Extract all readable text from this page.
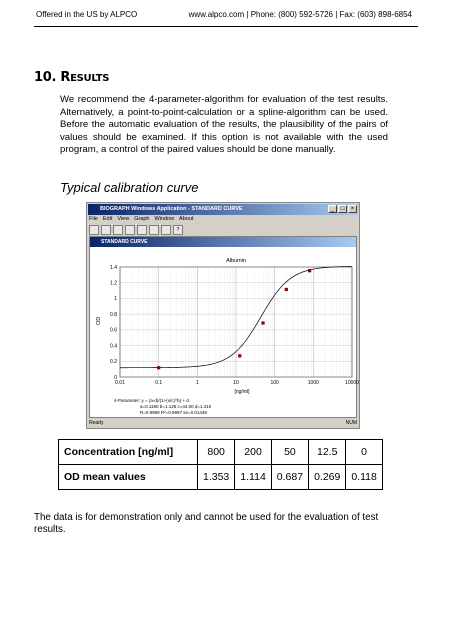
Offered in the US by ALPCO	www.alpco.com | Phone: (800) 592-5726 | Fax: (603) 898-6854
10. RESULTS
We recommend the 4-parameter-algorithm for evaluation of the test results. Alternatively, a point-to-point-calculation or a spline-algorithm can be used. Before the automatic evaluation of the results, the plausibility of the pairs of values should be examined. If this option is not available with the used program, a control of the paired values should be done manually.
Typical calibration curve
BIOGRAPH Windows Application - STANDARD CURVE	_	□	×
File Edit View Graph Window About
?
STANDARD CURVE
Albumin
OD
[ng/ml]
4-Parameter: y = (a-d)/(1+(x/c)^b) + d
a=0.1180 b=1.126 c=44.00 d=1.410
R=0.9999 R²=0.9997 se=0.01448
0
0.2
0.4
0.6
0.8
1
1.2
1.4
0.01	0.1	1	10	100	1000	10000
Ready	NUM
Concentration [ng/ml]	800	200	50	12.5	0
OD mean values	1.353	1.114	0.687	0.269	0.118
The data is for demonstration only and cannot be used for the evaluation of test results.
